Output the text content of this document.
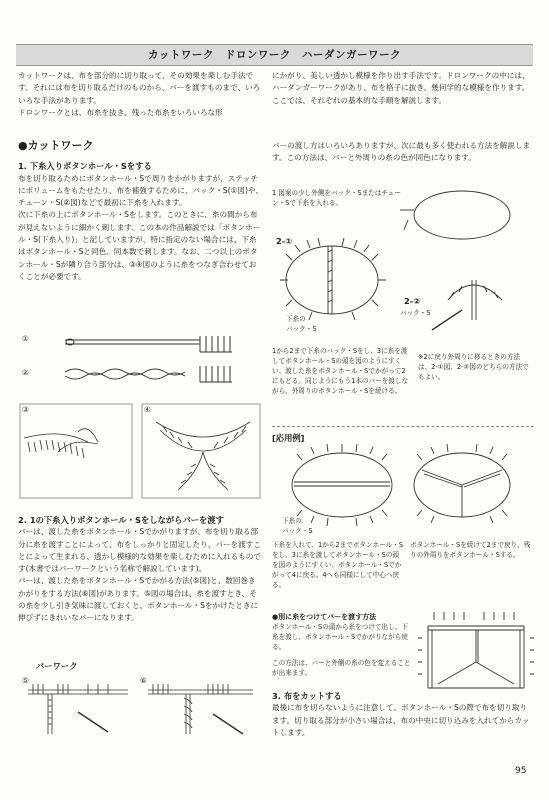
カットワーク　ドロンワーク　ハーダンガーワーク

カットワークは、布を部分的に切り取って、その効果を楽しむ手法です。それには布を切り取るだけのものから、バーを渡すものまで、いろいろな手法があります。
ドロンワークとは、布糸を抜き、残った布糸をいろいろな形

にかがり、美しい透かし模様を作り出す手法です。ドロンワークの中には、ハーダンガーワークがあり、布を格子に抜き、幾何学的な模様を作ります。
ここでは、それぞれの基本的な手順を解説します。

●カットワーク

1. 下糸入りボタンホール・Sをする

布を切り取るためにボタンホール・Sで周りをかがりますが、ステッチにボリュームをもたせたり、布を補強するために、バック・S(①図)や、チェーン・S(②図)などで最初に下糸を入れます。
次に下糸の上にボタンホール・Sをします。このときに、糸の間から布が見えないように細かく刺します。この本の作品解説では「ボタンホール・S(下糸入り)」と記していますが、特に指定のない場合には、下糸はボタンホール・Sと同色、同本数で刺します。なお、二つ以上のボタンホール・Sが隣り合う部分は、③④図のように糸をつなぎ合わせておくことが必要です。

①
②
③	④

2. 1の下糸入りボタンホール・Sをしながらバーを渡す

バーは、渡した糸をボタンホール・Sでかがりますが、布を切り取る部分に糸を渡すことによって、布をしっかりと固定したり、バーを渡すことによって生まれる、透かし模様的な効果を楽しむために入れるものです(本書ではバーワークという名称で解説しています)。
バーは、渡した糸をボタンホール・Sでかがる方法(⑤図)と、数回巻きかがりをする方法(⑥図)があります。⑤図の場合は、糸を渡すとき、その糸を少し引き気味に渡しておくと、ボタンホール・Sをかけたときに伸びずにきれいなバーになります。

バーワーク
⑤	⑥

バーの渡し方はいろいろありますが、次に最も多く使われる方法を解説します。この方法は、バーと外周りの糸の色が同色になります。

1 図案の少し外側をバック・Sまたはチェーン・Sで下糸を入れる。

2-①
2-②
下糸の
バック・S
バック・S

1から2まで下糸のバック・Sをし、3に糸を渡してボタンホール・Sの頭を図のようにすくい、渡した糸をボタンホール・Sでかがって2にもどる。同じようにもう1本のバーを渡しながら、外周りのボタンホール・Sを続ける。

※2に戻り外周りに移るときの方法は、2-①図、2-②図のどちらの方法でもよい。

[応用例]
下糸の
バック・S

下糸を入れて、1から2までボタンホール・Sをし、3に糸を渡してボタンホール・Sの頭を図のようにすくい、ボタンホール・Sでかがって4に戻る。4へも同様にして中心へ戻る。

ボタンホール・Sを続けて2まで戻り、残りの外周りをボタンホール・Sする。

●別に糸をつけてバーを渡す方法

ボタンホール・Sの頭から糸をつけて出し、下糸を渡し、ボタンホール・Sでかがりながら戻る。

この方法は、バーと外側の糸の色を変えることが出来ます。

3. 布をカットする

最後に布を切らないように注意して、ボタンホール・Sの際で布を切り取ります。切り取る部分が小さい場合は、布の中央に切り込みを入れてからカットします。

95
